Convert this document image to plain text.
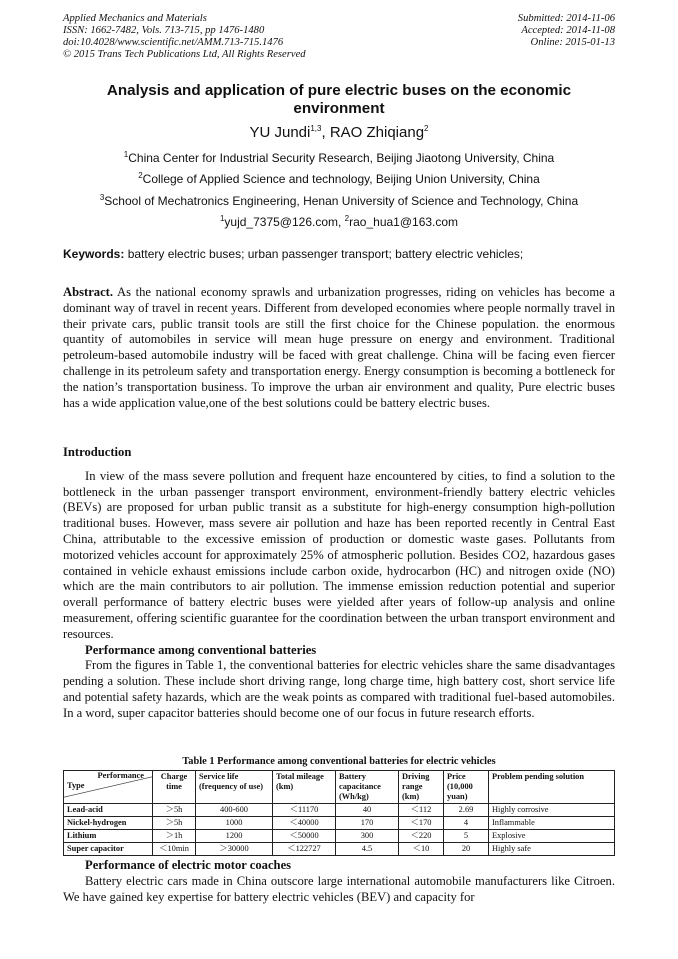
Applied Mechanics and Materials
ISSN: 1662-7482, Vols. 713-715, pp 1476-1480
doi:10.4028/www.scientific.net/AMM.713-715.1476
© 2015 Trans Tech Publications Ltd, All Rights Reserved
Submitted: 2014-11-06
Accepted: 2014-11-08
Online: 2015-01-13
Analysis and application of pure electric buses on the economic environment
YU Jundi$^{1,3}$, RAO Zhiqiang$^2$
$^1$China Center for Industrial Security Research, Beijing Jiaotong University, China
$^2$College of Applied Science and technology, Beijing Union University, China
$^3$School of Mechatronics Engineering, Henan University of Science and Technology, China
$^1$yujd_7375@126.com, $^2$rao_hua1@163.com
Keywords: battery electric buses; urban passenger transport; battery electric vehicles;

Abstract. As the national economy sprawls and urbanization progresses, riding on vehicles has become a dominant way of travel in recent years. Different from developed economies where people normally travel in their private cars, public transit tools are still the first choice for the Chinese population. the enormous quantity of automobiles in service will mean huge pressure on energy and environment. Traditional petroleum-based automobile industry will be faced with great challenge. China will be facing even fiercer challenge in its petroleum safety and transportation energy. Energy consumption is becoming a bottleneck for the nation’s transportation business. To improve the urban air environment and quality, Pure electric buses has a wide application value,one of the best solutions could be battery electric buses.

Introduction

In view of the mass severe pollution and frequent haze encountered by cities, to find a solution to the bottleneck in the urban passenger transport environment, environment-friendly battery electric vehicles (BEVs) are proposed for urban public transit as a substitute for high-energy consumption high-pollution traditional buses. However, mass severe air pollution and haze has been reported recently in Central East China, attributable to the excessive emission of production or domestic waste gases. Pollutants from motorized vehicles account for approximately 25% of atmospheric pollution. Besides CO2, hazardous gases contained in vehicle exhaust emissions include carbon oxide, hydrocarbon (HC) and nitrogen oxide (NO) which are the main contributors to air pollution. The immense emission reduction potential and superior overall performance of battery electric buses were yielded after years of follow-up analysis and online measurement, offering scientific guarantee for the coordination between the urban transport environment and resources.

Performance among conventional batteries

From the figures in Table 1, the conventional batteries for electric vehicles share the same disadvantages pending a solution. These include short driving range, long charge time, high battery cost, short service life and potential safety hazards, which are the weak points as compared with traditional fuel-based automobiles. In a word, super capacitor batteries should become one of our focus in future research efforts.

Table 1 Performance among conventional batteries for electric vehicles
Performance
Type	Charge time	Service life (frequency of use)	Total mileage (km)	Battery capacitance (Wh/kg)	Driving range (km)	Price (10,000 yuan)	Problem pending solution
Lead-acid	＞5h	400-600	＜11170	40	＜112	2.69	Highly corrosive
Nickel-hydrogen	＞5h	1000	＜40000	170	＜170	4	Inflammable
Lithium	＞1h	1200	＜50000	300	＜220	5	Explosive
Super capacitor	＜10min	＞30000	＜122727	4.5	＜10	20	Highly safe

Performance of electric motor coaches

Battery electric cars made in China outscore large international automobile manufacturers like Citroen. We have gained key expertise for battery electric vehicles (BEV) and capacity for
